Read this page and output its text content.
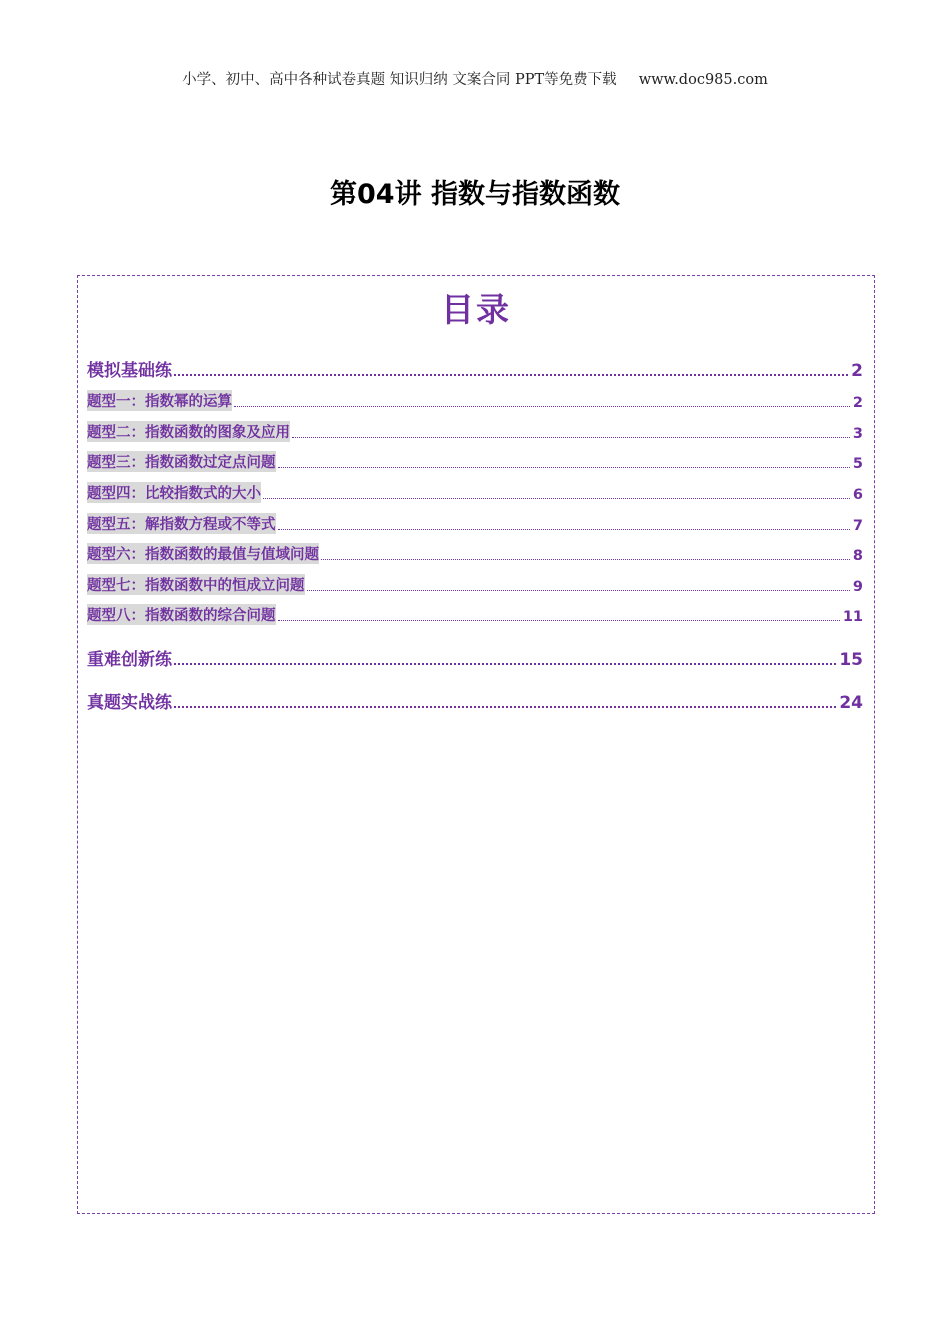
小学、初中、高中各种试卷真题 知识归纳 文案合同 PPT等免费下载 www.doc985.com
第04讲 指数与指数函数
目录
模拟基础练	2
题型一：指数幂的运算	2
题型二：指数函数的图象及应用	3
题型三：指数函数过定点问题	5
题型四：比较指数式的大小	6
题型五：解指数方程或不等式	7
题型六：指数函数的最值与值域问题	8
题型七：指数函数中的恒成立问题	9
题型八：指数函数的综合问题	11
重难创新练	15
真题实战练	24
